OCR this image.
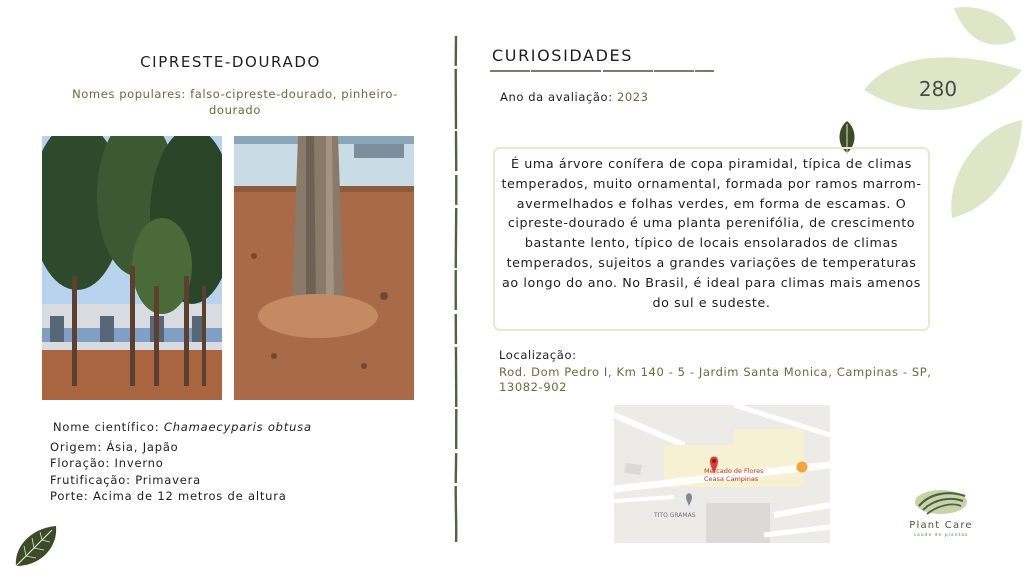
280
CIPRESTE-DOURADO
Nomes populares: falso-cipreste-dourado, pinheiro-dourado
Nome científico: Chamaecyparis obtusa
Origem: Ásia, Japão
Floração: Inverno
Frutificação: Primavera
Porte: Acima de 12 metros de altura
CURIOSIDADES
Ano da avaliação: 2023
É uma árvore conífera de copa piramidal, típica de climas temperados, muito ornamental, formada por ramos marrom-avermelhados e folhas verdes, em forma de escamas. O cipreste-dourado é uma planta perenifólia, de crescimento bastante lento, típico de locais ensolarados de climas temperados, sujeitos a grandes variações de temperaturas ao longo do ano. No Brasil, é ideal para climas mais amenos do sul e sudeste.
Localização:
Rod. Dom Pedro I, Km 140 - 5 - Jardim Santa Monica, Campinas - SP, 13082-902
Mercado de Flores
Ceasa Campinas
TITO GRAMAS
Plant Care
saúde de plantas
